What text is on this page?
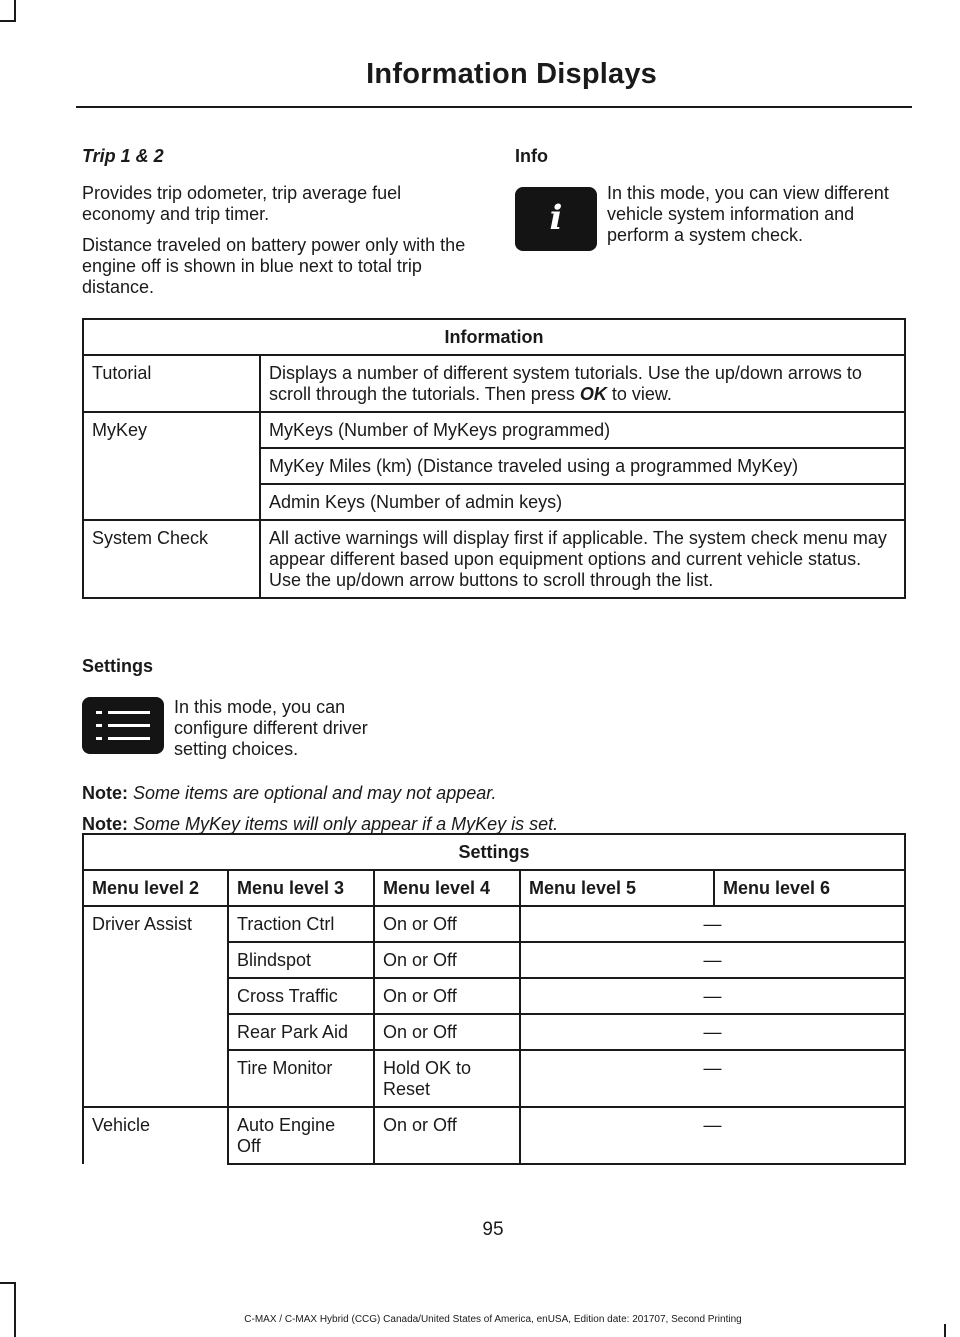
Information Displays
Trip 1 & 2

Provides trip odometer, trip average fuel economy and trip timer.

Distance traveled on battery power only with the engine off is shown in blue next to total trip distance.

Info
i

In this mode, you can view different vehicle system information and perform a system check.

Information	
Tutorial	Displays a number of different system tutorials. Use the up/down arrows to scroll through the tutorials. Then press OK to view.
MyKey	MyKeys (Number of MyKeys programmed)
	MyKey Miles (km) (Distance traveled using a programmed MyKey)
	Admin Keys (Number of admin keys)
System Check	All active warnings will display first if applicable. The system check menu may appear different based upon equipment options and current vehicle status. Use the up/down arrow buttons to scroll through the list.
Settings

In this mode, you can configure different driver setting choices.

Note: Some items are optional and may not appear.

Note: Some MyKey items will only appear if a MyKey is set.

Settings				
Menu level 2	Menu level 3	Menu level 4	Menu level 5	Menu level 6
Driver Assist	Traction Ctrl	On or Off	—	
	Blindspot	On or Off	—	
	Cross Traffic	On or Off	—	
	Rear Park Aid	On or Off	—	
	Tire Monitor	Hold OK to Reset	—	
Vehicle	Auto Engine Off	On or Off	—	
95
C-MAX / C-MAX Hybrid (CCG) Canada/United States of America, enUSA, Edition date: 201707, Second Printing
